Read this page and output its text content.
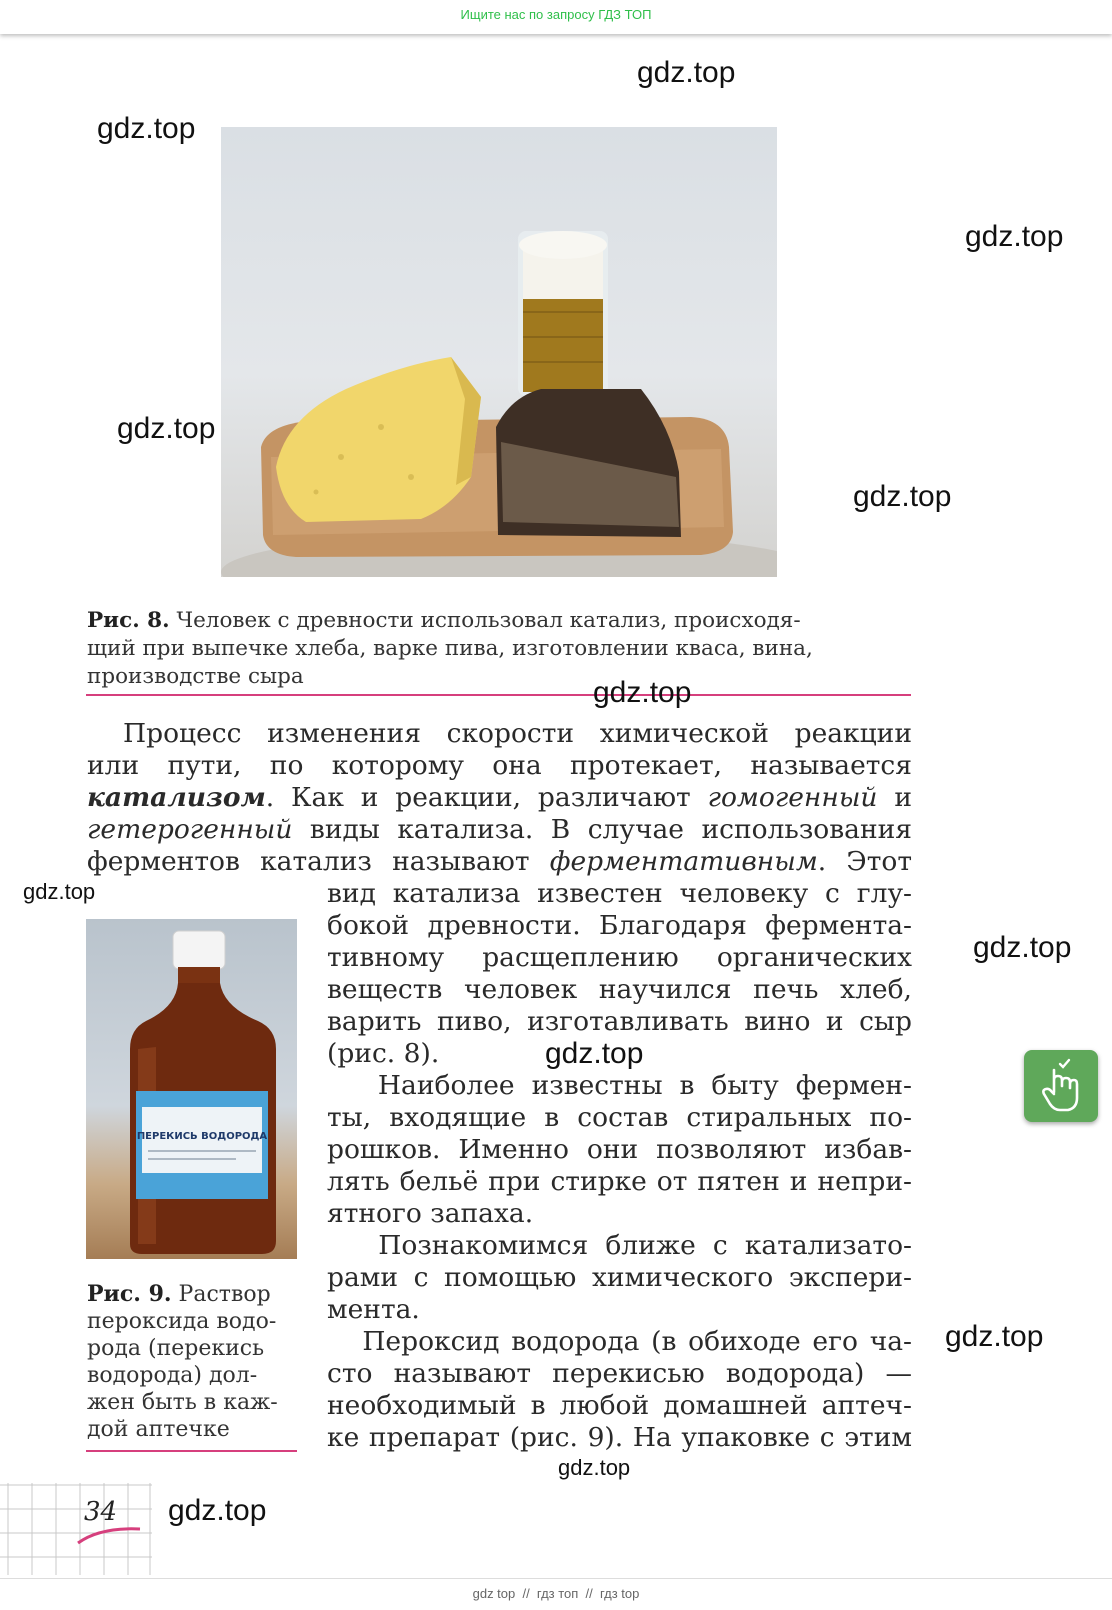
Ищите нас по запросу ГДЗ ТОП
Рис. 8. Человек с древности использовал катализ, происходя-
щий при выпечке хлеба, варке пива, изготовлении кваса, вина,
производстве сыра
Процесс изменения скорости химической реакции
или пути, по которому она протекает, называется
катализом. Как и реакции, различают гомогенный и
гетерогенный виды катализа. В случае использования
ферментов катализ называют ферментативным. Этот
вид катализа известен человеку с глу-
бокой древности. Благодаря фермента-
тивному расщеплению органических
веществ человек научился печь хлеб,
варить пиво, изготавливать вино и сыр
(рис. 8).
Наиболее известны в быту фермен-
ты, входящие в состав стиральных по-
рошков. Именно они позволяют избав-
лять бельё при стирке от пятен и непри-
ятного запаха.
Познакомимся ближе с катализато-
рами с помощью химического экспери-
мента.
Пероксид водорода (в обиходе его ча-
сто называют перекисью водорода) —
необходимый в любой домашней аптеч-
ке препарат (рис. 9). На упаковке с этим
ПЕРЕКИСЬ ВОДОРОДА
Рис. 9. Раствор
пероксида водо-
рода (перекись
водорода) дол-
жен быть в каж-
дой аптечке
34
gdz.top
gdz.top
gdz.top
gdz.top
gdz.top
gdz.top
gdz.top
gdz.top
gdz.top
gdz.top
gdz.top
gdz.top
gdz top  //  гдз топ  //  гдз top
